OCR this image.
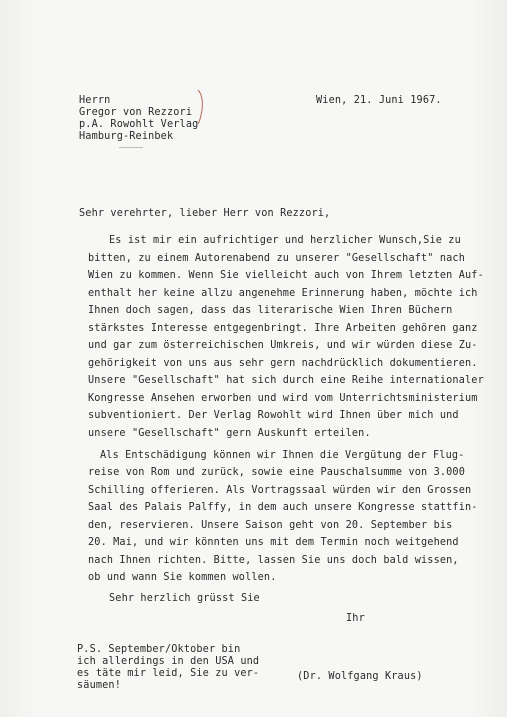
Herrn
Gregor von Rezzori
p.A. Rowohlt Verlag
Hamburg-Reinbek
Wien, 21. Juni 1967.
Sehr verehrter, lieber Herr von Rezzori,
Es ist mir ein aufrichtiger und herzlicher Wunsch,Sie zu
bitten, zu einem Autorenabend zu unserer "Gesellschaft" nach
Wien zu kommen. Wenn Sie vielleicht auch von Ihrem letzten Auf-
enthalt her keine allzu angenehme Erinnerung haben, möchte ich
Ihnen doch sagen, dass das literarische Wien Ihren Büchern
stärkstes Interesse entgegenbringt. Ihre Arbeiten gehören ganz
und gar zum österreichischen Umkreis, und wir würden diese Zu-
gehörigkeit von uns aus sehr gern nachdrücklich dokumentieren.
Unsere "Gesellschaft" hat sich durch eine Reihe internationaler
Kongresse Ansehen erworben und wird vom Unterrichtsministerium
subventioniert. Der Verlag Rowohlt wird Ihnen über mich und
unsere "Gesellschaft" gern Auskunft erteilen.
Als Entschädigung können wir Ihnen die Vergütung der Flug-
reise von Rom und zurück, sowie eine Pauschalsumme von 3.000
Schilling offerieren. Als Vortragssaal würden wir den Grossen
Saal des Palais Palffy, in dem auch unsere Kongresse stattfin-
den, reservieren. Unsere Saison geht von 20. September bis
20. Mai, und wir könnten uns mit dem Termin noch weitgehend
nach Ihnen richten. Bitte, lassen Sie uns doch bald wissen,
ob und wann Sie kommen wollen.
Sehr herzlich grüsst Sie
Ihr
P.S. September/Oktober bin
ich allerdings in den USA und
es täte mir leid, Sie zu ver-
säumen!
(Dr. Wolfgang Kraus)
